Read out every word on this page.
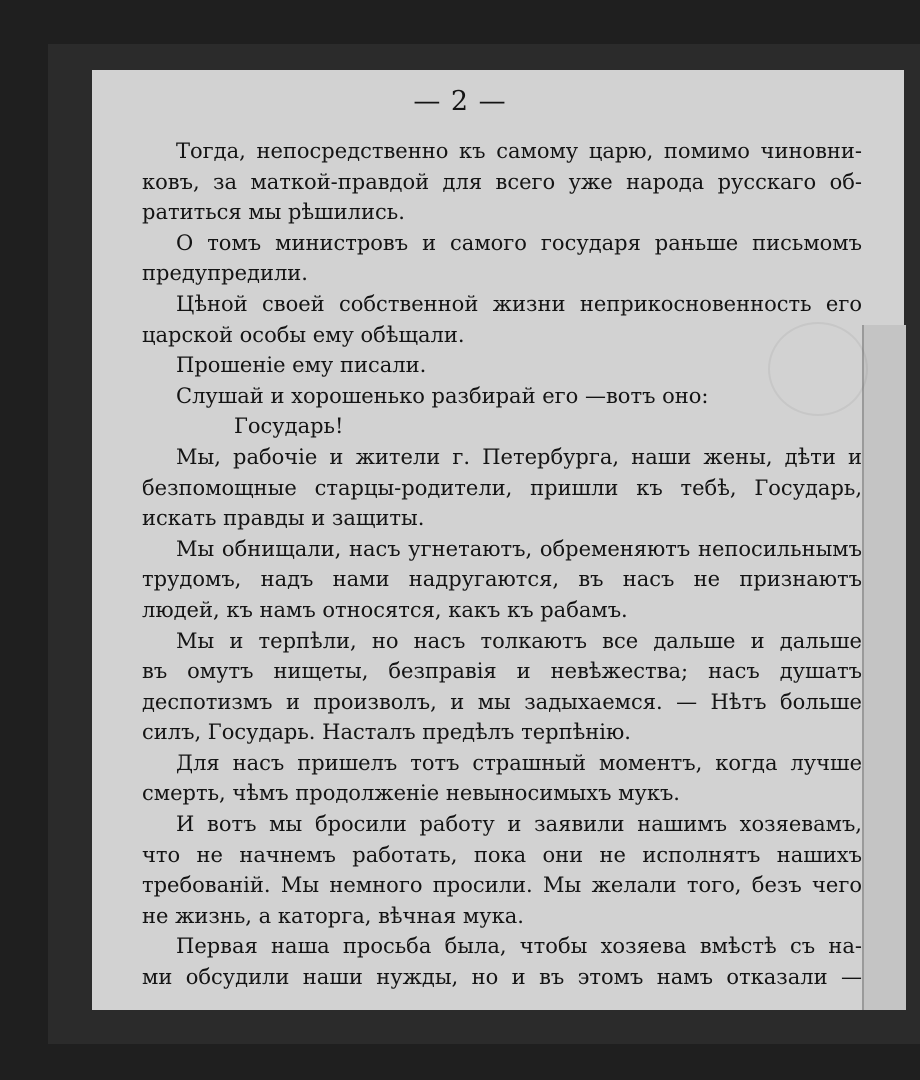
— 2 —

Тогда, непосредственно къ самому царю, помимо чиновни-

ковъ, за маткой-правдой для всего уже народа русскаго об-

ратиться мы рѣшились.

О томъ министровъ и самого государя раньше письмомъ

предупредили.

Цѣной своей собственной жизни неприкосновенность его

царской особы ему обѣщали.

Прошеніе ему писали.

Слушай и хорошенько разбирай его —вотъ оно:

Государь!

Мы, рабочіе и жители г. Петербурга, наши жены, дѣти и

безпомощные старцы-родители, пришли къ тебѣ, Государь,

искать правды и защиты.

Мы обнищали, насъ угнетаютъ, обременяютъ непосильнымъ

трудомъ, надъ нами надругаются, въ насъ не признаютъ

людей, къ намъ относятся, какъ къ рабамъ.

Мы и терпѣли, но насъ толкаютъ все дальше и дальше

въ омутъ нищеты, безправія и невѣжества; насъ душатъ

деспотизмъ и произволъ, и мы задыхаемся. — Нѣтъ больше

силъ, Государь. Насталъ предѣлъ терпѣнію.

Для насъ пришелъ тотъ страшный моментъ, когда лучше

смерть, чѣмъ продолженіе невыносимыхъ мукъ.

И вотъ мы бросили работу и заявили нашимъ хозяевамъ,

что не начнемъ работать, пока они не исполнятъ нашихъ

требованій. Мы немного просили. Мы желали того, безъ чего

не жизнь, а каторга, вѣчная мука.

Первая наша просьба была, чтобы хозяева вмѣстѣ съ на-

ми обсудили наши нужды, но и въ этомъ намъ отказали —
